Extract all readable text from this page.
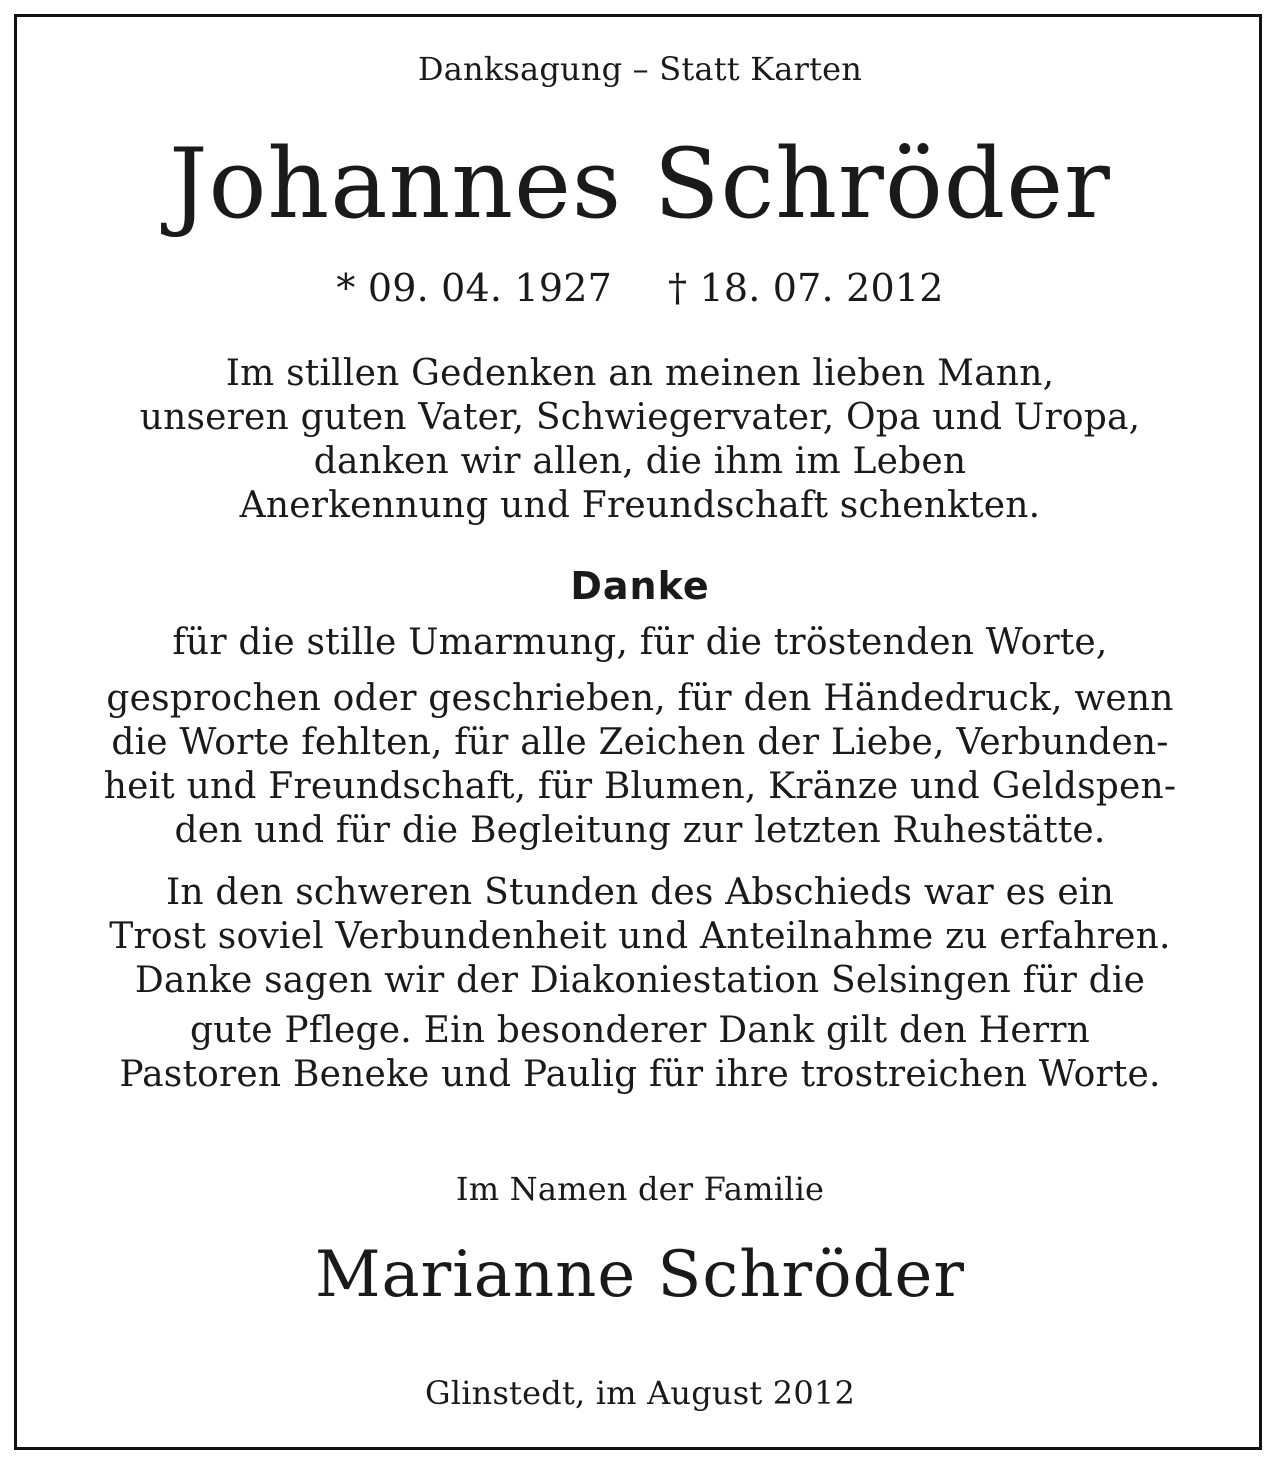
Danksagung – Statt Karten
Johannes Schröder
* 09. 04. 1927 † 18. 07. 2012
Im stillen Gedenken an meinen lieben Mann,
unseren guten Vater, Schwiegervater, Opa und Uropa,
danken wir allen, die ihm im Leben
Anerkennung und Freundschaft schenkten.
Danke
für die stille Umarmung, für die tröstenden Worte,
gesprochen oder geschrieben, für den Händedruck, wenn
die Worte fehlten, für alle Zeichen der Liebe, Verbunden-
heit und Freundschaft, für Blumen, Kränze und Geldspen-
den und für die Begleitung zur letzten Ruhestätte.
In den schweren Stunden des Abschieds war es ein
Trost soviel Verbundenheit und Anteilnahme zu erfahren.
Danke sagen wir der Diakoniestation Selsingen für die
gute Pflege. Ein besonderer Dank gilt den Herrn
Pastoren Beneke und Paulig für ihre trostreichen Worte.
Im Namen der Familie
Marianne Schröder
Glinstedt, im August 2012
